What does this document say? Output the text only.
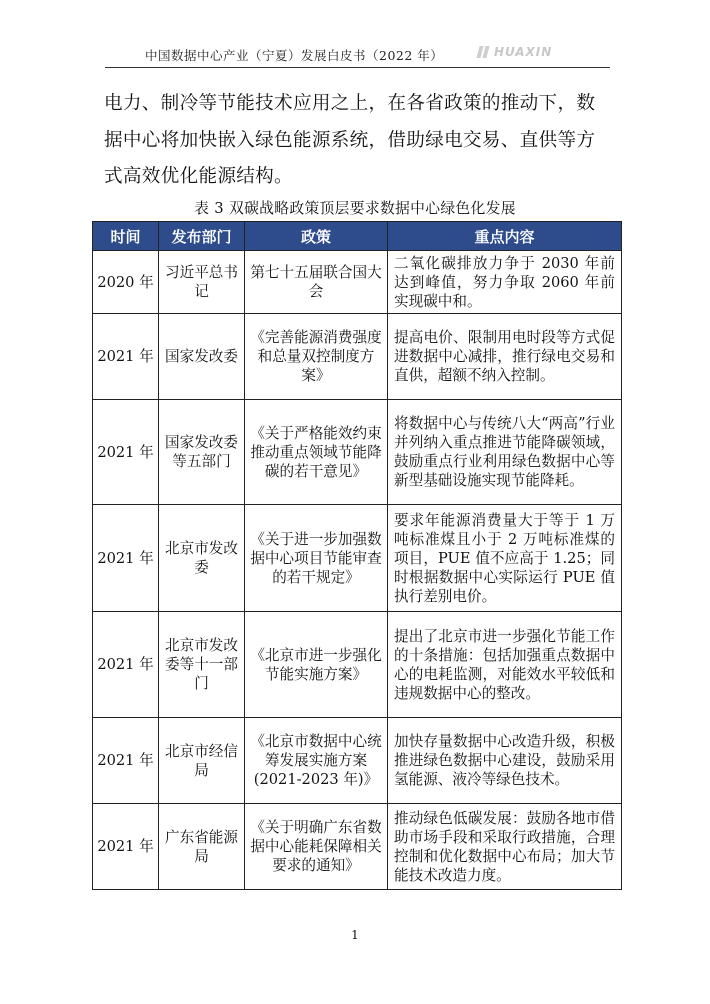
中国数据中心产业（宁夏）发展白皮书（2022 年）	HUAXIN

电力、制冷等节能技术应用之上，在各省政策的推动下，数

据中心将加快嵌入绿色能源系统，借助绿电交易、直供等方

式高效优化能源结构。

表 3 双碳战略政策顶层要求数据中心绿色化发展
时间	发布部门	政策	重点内容
2020 年	习近平总书记	第七十五届联合国大会	二氧化碳排放力争于 2030 年前达到峰值，努力争取 2060 年前实现碳中和。
2021 年	国家发改委	《完善能源消费强度和总量双控制度方案》	提高电价、限制用电时段等方式促进数据中心减排，推行绿电交易和直供，超额不纳入控制。
2021 年	国家发改委等五部门	《关于严格能效约束推动重点领域节能降碳的若干意见》	将数据中心与传统八大“两高”行业并列纳入重点推进节能降碳领域，鼓励重点行业利用绿色数据中心等新型基础设施实现节能降耗。
2021 年	北京市发改委	《关于进一步加强数据中心项目节能审查的若干规定》	要求年能源消费量大于等于 1 万吨标准煤且小于 2 万吨标准煤的项目，PUE 值不应高于 1.25；同时根据数据中心实际运行 PUE 值执行差别电价。
2021 年	北京市发改委等十一部门	《北京市进一步强化节能实施方案》	提出了北京市进一步强化节能工作的十条措施：包括加强重点数据中心的电耗监测，对能效水平较低和违规数据中心的整改。
2021 年	北京市经信局	《北京市数据中心统筹发展实施方案(2021-2023 年)》	加快存量数据中心改造升级，积极推进绿色数据中心建设，鼓励采用氢能源、液冷等绿色技术。
2021 年	广东省能源局	《关于明确广东省数据中心能耗保障相关要求的通知》	推动绿色低碳发展：鼓励各地市借助市场手段和采取行政措施，合理控制和优化数据中心布局；加大节能技术改造力度。
1
